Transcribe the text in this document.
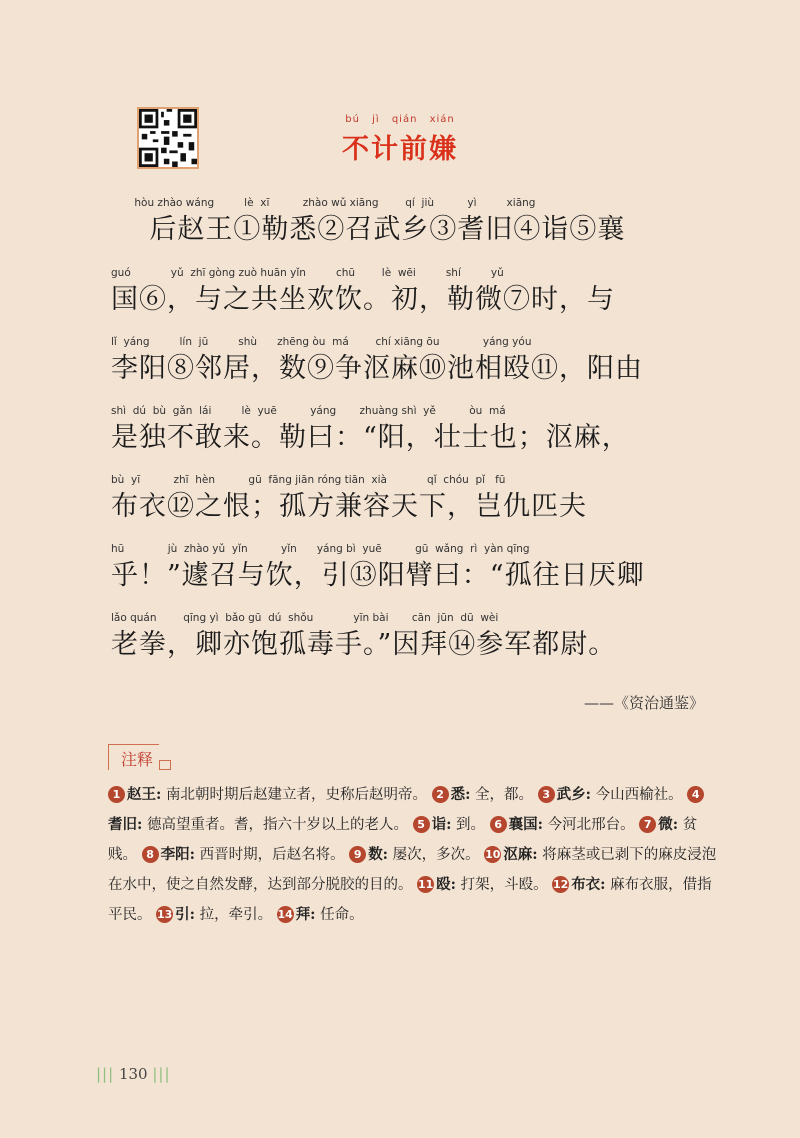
bú jì qián xián
不计前嫌
hòu zhào wáng         lè  xī          zhào wǔ xiāng        qí  jiù          yì         xiāng
后赵王①勒悉②召武乡③耆旧④诣⑤襄
guó            yǔ  zhī gòng zuò huān yǐn         chū        lè  wēi         shí         yǔ
国⑥，与之共坐欢饮。初，勒微⑦时，与
lǐ  yáng         lín  jū         shù      zhēng òu  má        chí xiāng ōu             yáng yóu
李阳⑧邻居，数⑨争沤麻⑩池相殴⑪，阳由
shì  dú  bù  gǎn  lái         lè  yuē          yáng       zhuàng shì  yě          òu  má
是独不敢来。勒曰：“阳，壮士也；沤麻，
bù  yī          zhī  hèn          gū  fāng jiān róng tiān  xià            qǐ  chóu  pǐ   fū
布衣⑫之恨；孤方兼容天下，岂仇匹夫
hū             jù  zhào yǔ  yǐn          yǐn      yáng bì  yuē          gū  wǎng  rì  yàn qīng
乎！”遽召与饮，引⑬阳臂曰：“孤往日厌卿
lǎo quán        qīng yì  bǎo gū  dú  shǒu            yīn bài       cān  jūn  dū  wèi
老拳，卿亦饱孤毒手。”因拜⑭参军都尉。
——《资治通鉴》
注释
1 赵王: 南北朝时期后赵建立者，史称后赵明帝。 2 悉: 全，都。 3 武乡: 今山西榆社。 4耆旧: 德高望重者。耆，指六十岁以上的老人。 5 诣: 到。 6 襄国: 今河北邢台。 7 微: 贫贱。 8 李阳: 西晋时期，后赵名将。 9 数: 屡次，多次。 10 沤麻: 将麻茎或已剥下的麻皮浸泡在水中，使之自然发酵，达到部分脱胶的目的。 11 殴: 打架，斗殴。 12 布衣: 麻布衣服，借指平民。 13 引: 拉，牵引。 14 拜: 任命。
||| 130 |||
